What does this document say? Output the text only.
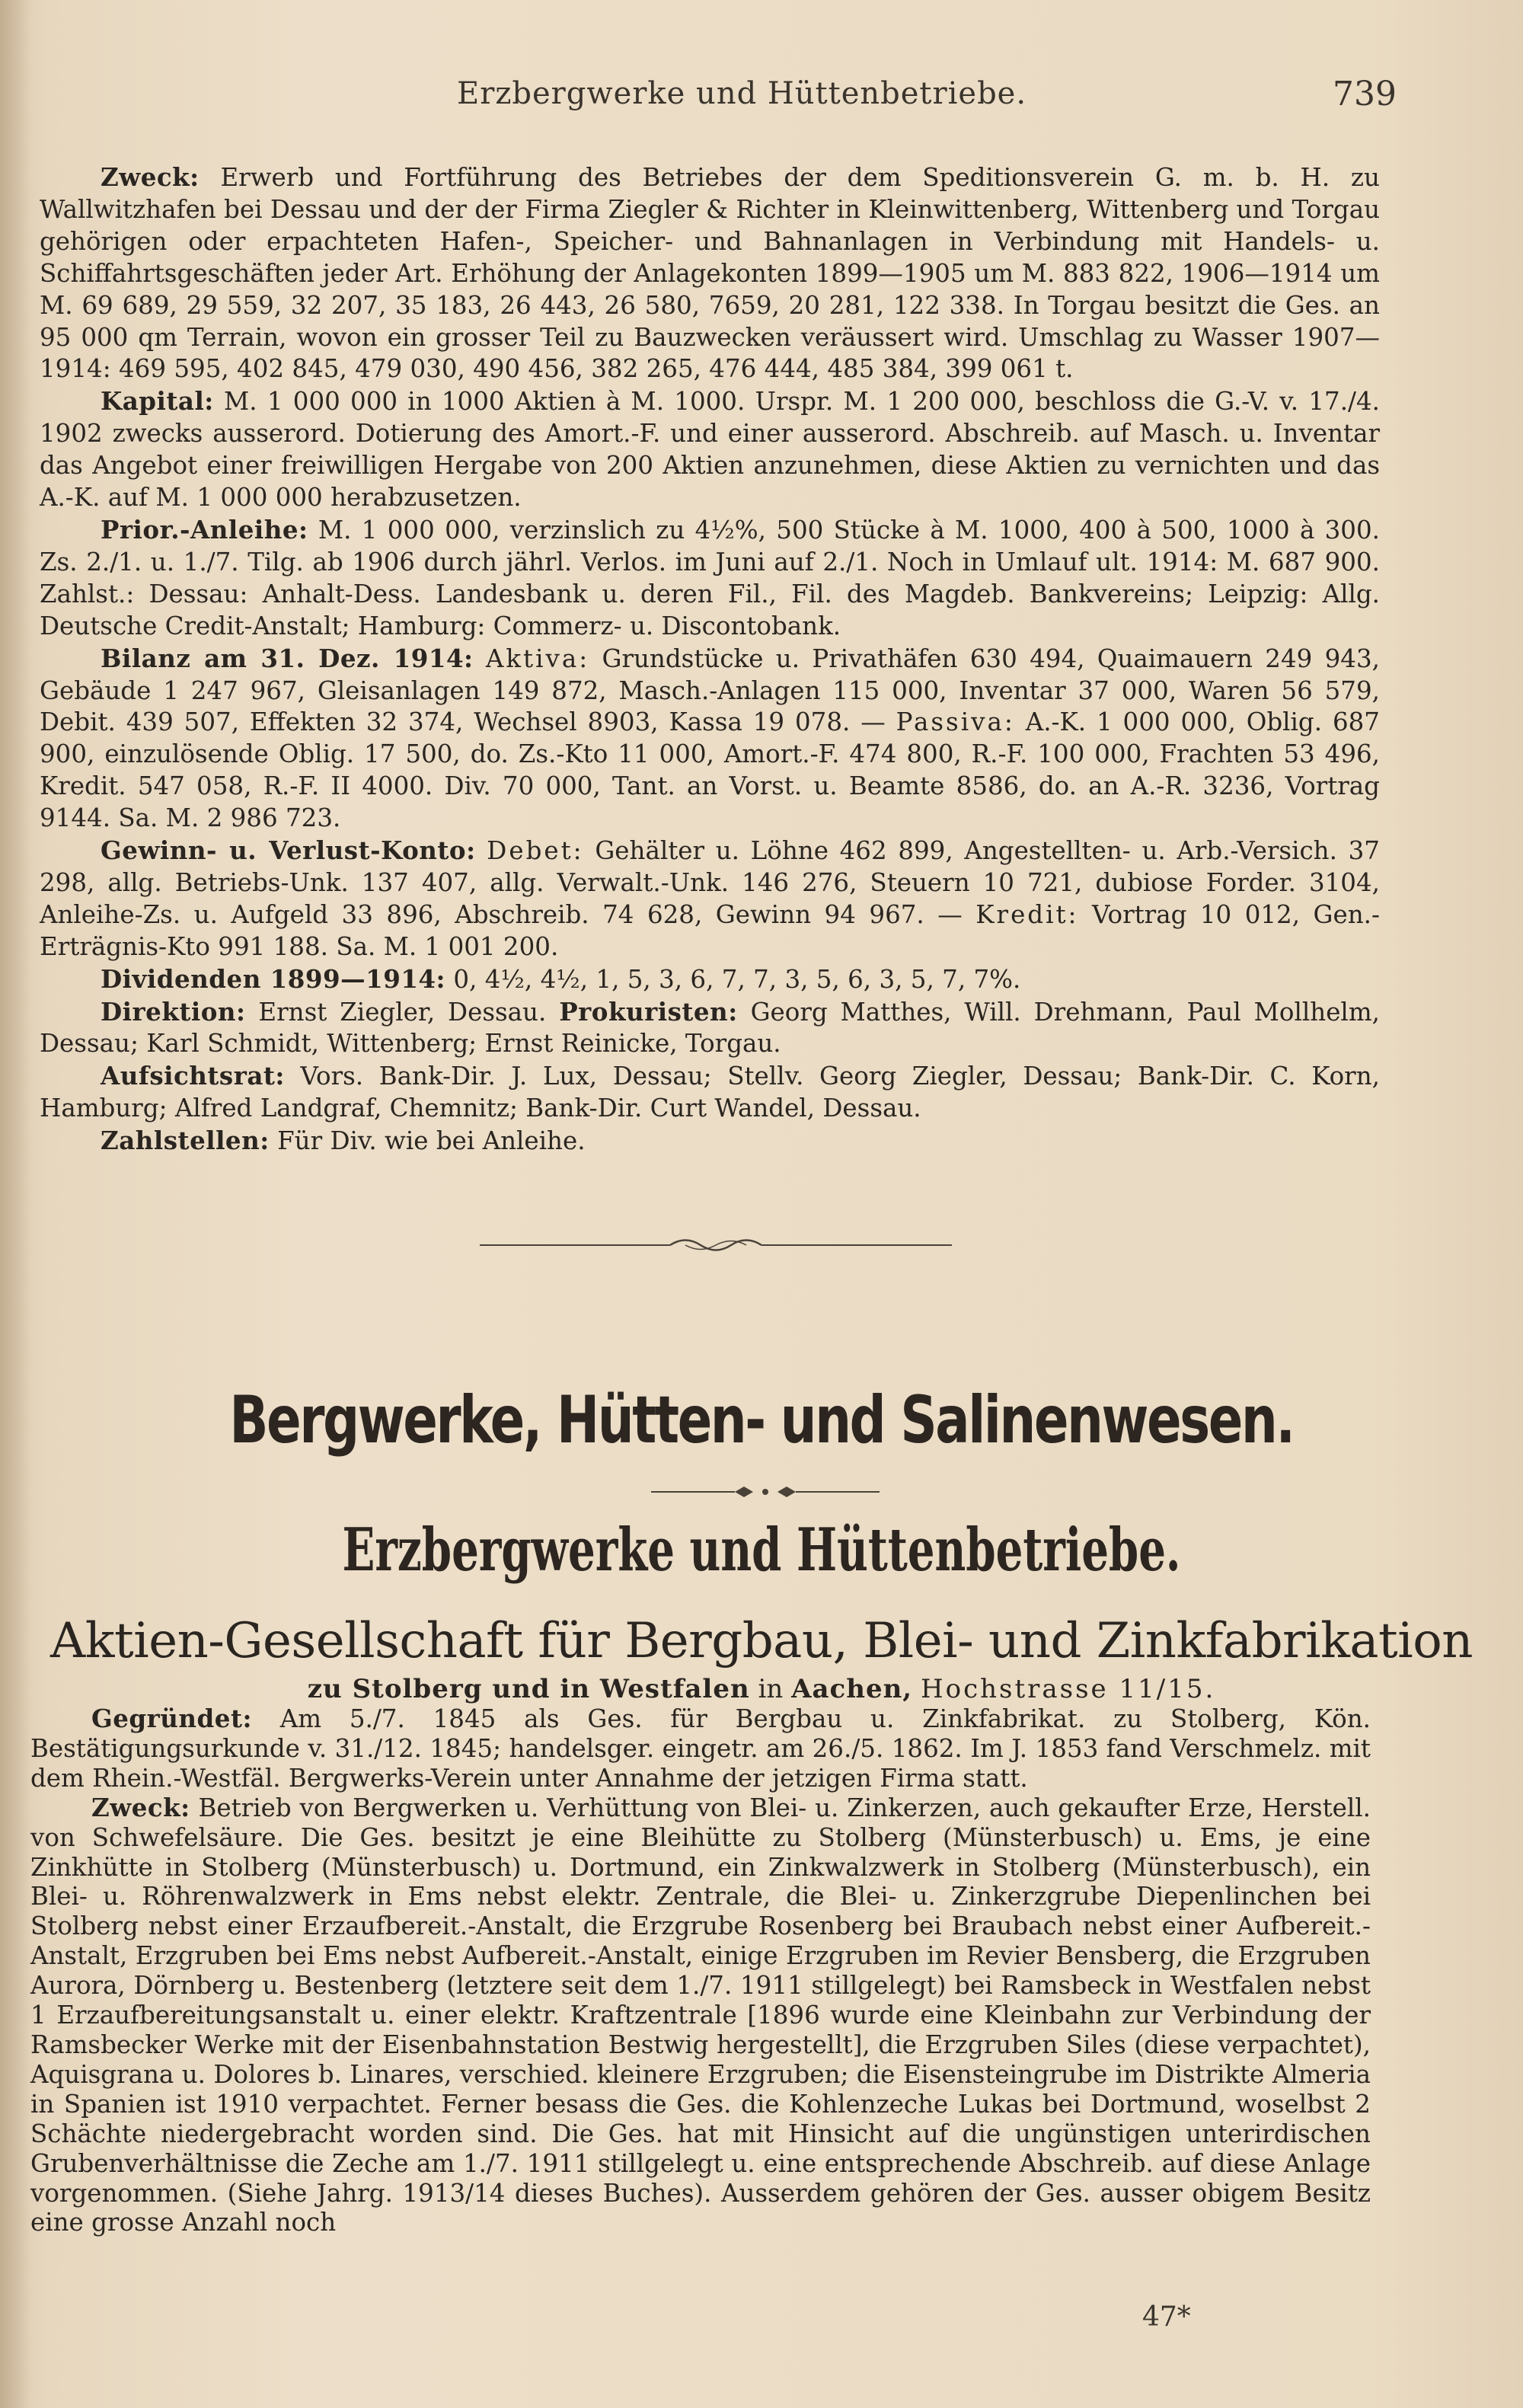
Erzbergwerke und Hüttenbetriebe.	739

Zweck: Erwerb und Fortführung des Betriebes der dem Speditionsverein G. m. b. H. zu Wallwitzhafen bei Dessau und der der Firma Ziegler & Richter in Kleinwittenberg, Wittenberg und Torgau gehörigen oder erpachteten Hafen-, Speicher- und Bahnanlagen in Verbindung mit Handels- u. Schiffahrtsgeschäften jeder Art. Erhöhung der Anlagekonten 1899—1905 um M. 883 822, 1906—1914 um M. 69 689, 29 559, 32 207, 35 183, 26 443, 26 580, 7659, 20 281, 122 338. In Torgau besitzt die Ges. an 95 000 qm Terrain, wovon ein grosser Teil zu Bauzwecken veräussert wird. Umschlag zu Wasser 1907—1914: 469 595, 402 845, 479 030, 490 456, 382 265, 476 444, 485 384, 399 061 t.

Kapital: M. 1 000 000 in 1000 Aktien à M. 1000. Urspr. M. 1 200 000, beschloss die G.-V. v. 17./4. 1902 zwecks ausserord. Dotierung des Amort.-F. und einer ausserord. Abschreib. auf Masch. u. Inventar das Angebot einer freiwilligen Hergabe von 200 Aktien anzunehmen, diese Aktien zu vernichten und das A.-K. auf M. 1 000 000 herabzusetzen.

Prior.-Anleihe: M. 1 000 000, verzinslich zu 4½%, 500 Stücke à M. 1000, 400 à 500, 1000 à 300. Zs. 2./1. u. 1./7. Tilg. ab 1906 durch jährl. Verlos. im Juni auf 2./1. Noch in Umlauf ult. 1914: M. 687 900. Zahlst.: Dessau: Anhalt-Dess. Landesbank u. deren Fil., Fil. des Magdeb. Bankvereins; Leipzig: Allg. Deutsche Credit-Anstalt; Hamburg: Commerz- u. Discontobank.

Bilanz am 31. Dez. 1914: Aktiva: Grundstücke u. Privathäfen 630 494, Quaimauern 249 943, Gebäude 1 247 967, Gleisanlagen 149 872, Masch.-Anlagen 115 000, Inventar 37 000, Waren 56 579, Debit. 439 507, Effekten 32 374, Wechsel 8903, Kassa 19 078. — Passiva: A.-K. 1 000 000, Oblig. 687 900, einzulösende Oblig. 17 500, do. Zs.-Kto 11 000, Amort.-F. 474 800, R.-F. 100 000, Frachten 53 496, Kredit. 547 058, R.-F. II 4000. Div. 70 000, Tant. an Vorst. u. Beamte 8586, do. an A.-R. 3236, Vortrag 9144. Sa. M. 2 986 723.

Gewinn- u. Verlust-Konto: Debet: Gehälter u. Löhne 462 899, Angestellten- u. Arb.-Versich. 37 298, allg. Betriebs-Unk. 137 407, allg. Verwalt.-Unk. 146 276, Steuern 10 721, dubiose Forder. 3104, Anleihe-Zs. u. Aufgeld 33 896, Abschreib. 74 628, Gewinn 94 967. — Kredit: Vortrag 10 012, Gen.-Erträgnis-Kto 991 188. Sa. M. 1 001 200.

Dividenden 1899—1914: 0, 4½, 4½, 1, 5, 3, 6, 7, 7, 3, 5, 6, 3, 5, 7, 7%.

Direktion: Ernst Ziegler, Dessau. Prokuristen: Georg Matthes, Will. Drehmann, Paul Mollhelm, Dessau; Karl Schmidt, Wittenberg; Ernst Reinicke, Torgau.

Aufsichtsrat: Vors. Bank-Dir. J. Lux, Dessau; Stellv. Georg Ziegler, Dessau; Bank-Dir. C. Korn, Hamburg; Alfred Landgraf, Chemnitz; Bank-Dir. Curt Wandel, Dessau.

Zahlstellen: Für Div. wie bei Anleihe.

Bergwerke, Hütten- und Salinenwesen.
Erzbergwerke und Hüttenbetriebe.
Aktien-Gesellschaft für Bergbau, Blei- und Zinkfabrikation
zu Stolberg und in Westfalen in Aachen, Hochstrasse 11/15.

Gegründet: Am 5./7. 1845 als Ges. für Bergbau u. Zinkfabrikat. zu Stolberg, Kön. Bestätigungsurkunde v. 31./12. 1845; handelsger. eingetr. am 26./5. 1862. Im J. 1853 fand Verschmelz. mit dem Rhein.-Westfäl. Bergwerks-Verein unter Annahme der jetzigen Firma statt.

Zweck: Betrieb von Bergwerken u. Verhüttung von Blei- u. Zinkerzen, auch gekaufter Erze, Herstell. von Schwefelsäure. Die Ges. besitzt je eine Bleihütte zu Stolberg (Münsterbusch) u. Ems, je eine Zinkhütte in Stolberg (Münsterbusch) u. Dortmund, ein Zinkwalzwerk in Stolberg (Münsterbusch), ein Blei- u. Röhrenwalzwerk in Ems nebst elektr. Zentrale, die Blei- u. Zinkerzgrube Diepenlinchen bei Stolberg nebst einer Erzaufbereit.-Anstalt, die Erzgrube Rosenberg bei Braubach nebst einer Aufbereit.-Anstalt, Erzgruben bei Ems nebst Aufbereit.-Anstalt, einige Erzgruben im Revier Bensberg, die Erzgruben Aurora, Dörnberg u. Bestenberg (letztere seit dem 1./7. 1911 stillgelegt) bei Ramsbeck in Westfalen nebst 1 Erzaufbereitungsanstalt u. einer elektr. Kraftzentrale [1896 wurde eine Kleinbahn zur Verbindung der Ramsbecker Werke mit der Eisenbahnstation Bestwig hergestellt], die Erzgruben Siles (diese verpachtet), Aquisgrana u. Dolores b. Linares, verschied. kleinere Erzgruben; die Eisensteingrube im Distrikte Almeria in Spanien ist 1910 verpachtet. Ferner besass die Ges. die Kohlenzeche Lukas bei Dortmund, woselbst 2 Schächte niedergebracht worden sind. Die Ges. hat mit Hinsicht auf die ungünstigen unterirdischen Grubenverhältnisse die Zeche am 1./7. 1911 stillgelegt u. eine entsprechende Abschreib. auf diese Anlage vorgenommen. (Siehe Jahrg. 1913/14 dieses Buches). Ausserdem gehören der Ges. ausser obigem Besitz eine grosse Anzahl noch

47*
